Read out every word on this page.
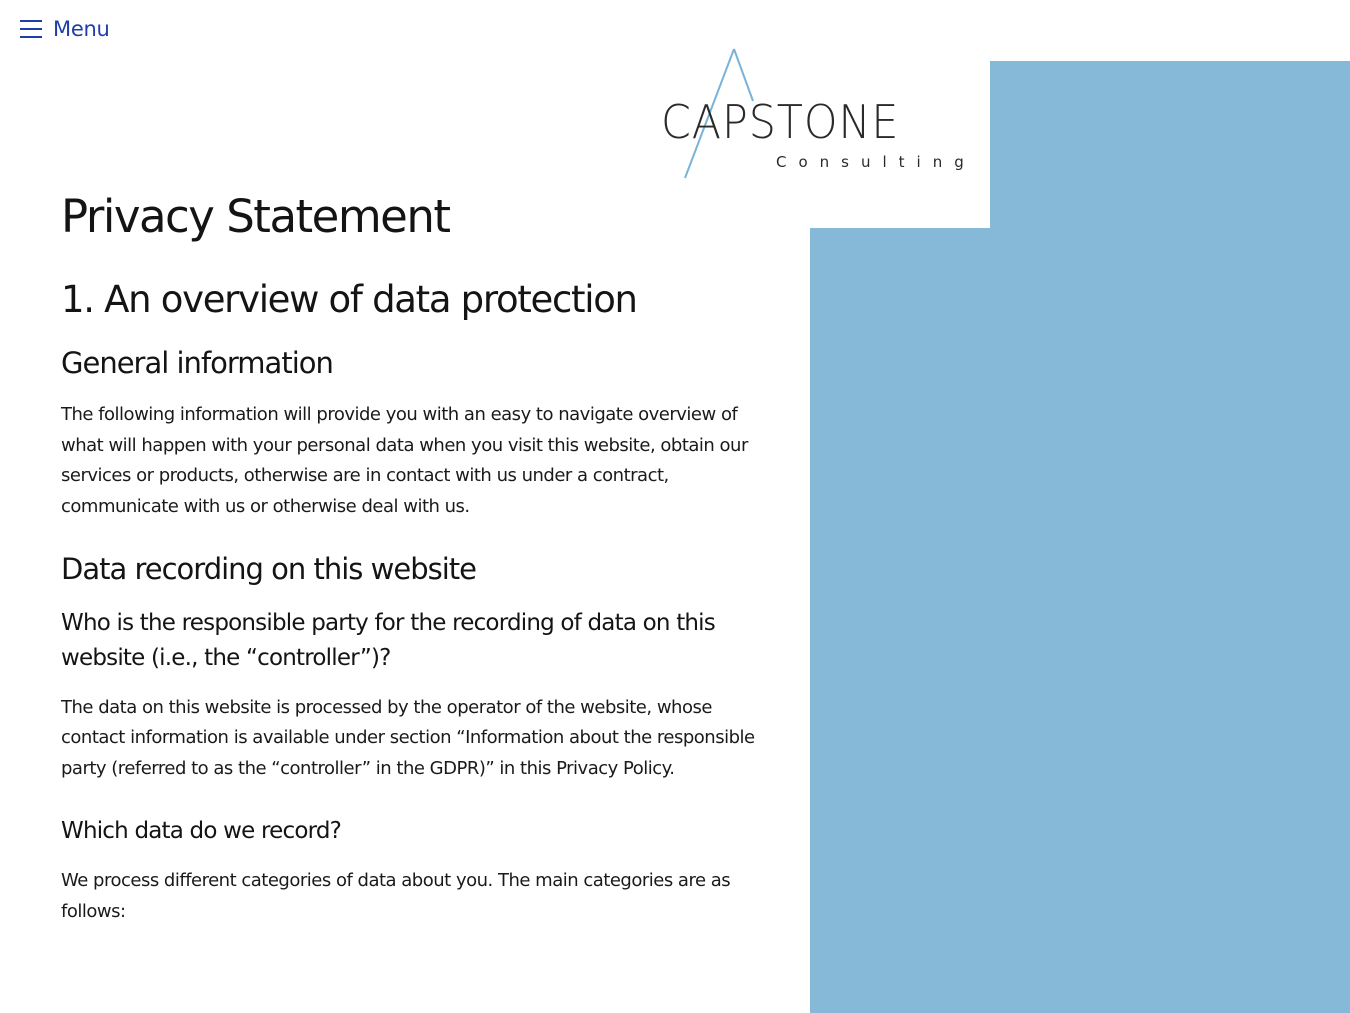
Menu
CAPSTONE
Consulting
Privacy Statement
1. An overview of data protection
General information

The following information will provide you with an easy to navigate overview of what will happen with your personal data when you visit this website, obtain our services or products, otherwise are in contact with us under a contract, communicate with us or otherwise deal with us.

Data recording on this website
Who is the responsible party for the recording of data on this website (i.e., the “controller”)?

The data on this website is processed by the operator of the website, whose contact information is available under section “Information about the responsible party (referred to as the “controller” in the GDPR)” in this Privacy Policy.

Which data do we record?

We process different categories of data about you. The main categories are as follows:
